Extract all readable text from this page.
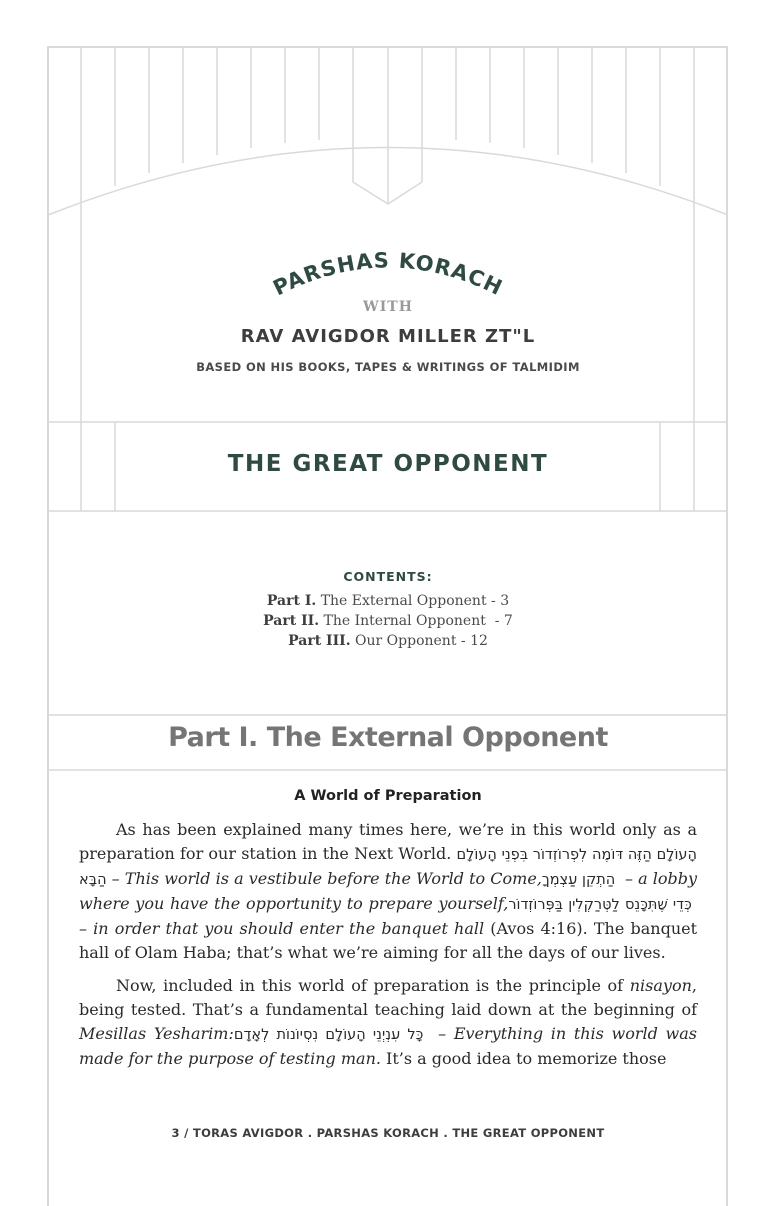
PARSHAS KORACH
WITH
RAV AVIGDOR MILLER ZT"L
BASED ON HIS BOOKS, TAPES & WRITINGS OF TALMIDIM
THE GREAT OPPONENT
CONTENTS:
Part I. The External Opponent - 3
Part II. The Internal Opponent  - 7
Part III. Our Opponent - 12
Part I. The External Opponent
A World of Preparation

As has been explained many times here, we’re in this world only as a preparation for our station in the Next World. הָעוֹלָם הַזֶּה דּוֹמֶה לִפְרוֹזְדוֹר בִּפְנֵי הָעוֹלָם הַבָּא – This world is a vestibule before the World to Come, הַתְקֵן עַצְמְךָ – a lobby where you have the opportunity to prepare yourself, כְּדֵי שֶׁתִּכָּנֵס לַטְּרַקְלִין בַּפְּרוֹזְדוֹר – in order that you should enter the banquet hall (Avos 4:16). The banquet hall of Olam Haba; that’s what we’re aiming for all the days of our lives.

Now, included in this world of preparation is the principle of nisayon, being tested. That’s a fundamental teaching laid down at the beginning of Mesillas Yesharim: כָּל עִנְיְנֵי הָעוֹלָם נִסְיוֹנוֹת לְאָדָם – Everything in this world was made for the purpose of testing man. It’s a good idea to memorize those

3 / TORAS AVIGDOR . PARSHAS KORACH . THE GREAT OPPONENT
